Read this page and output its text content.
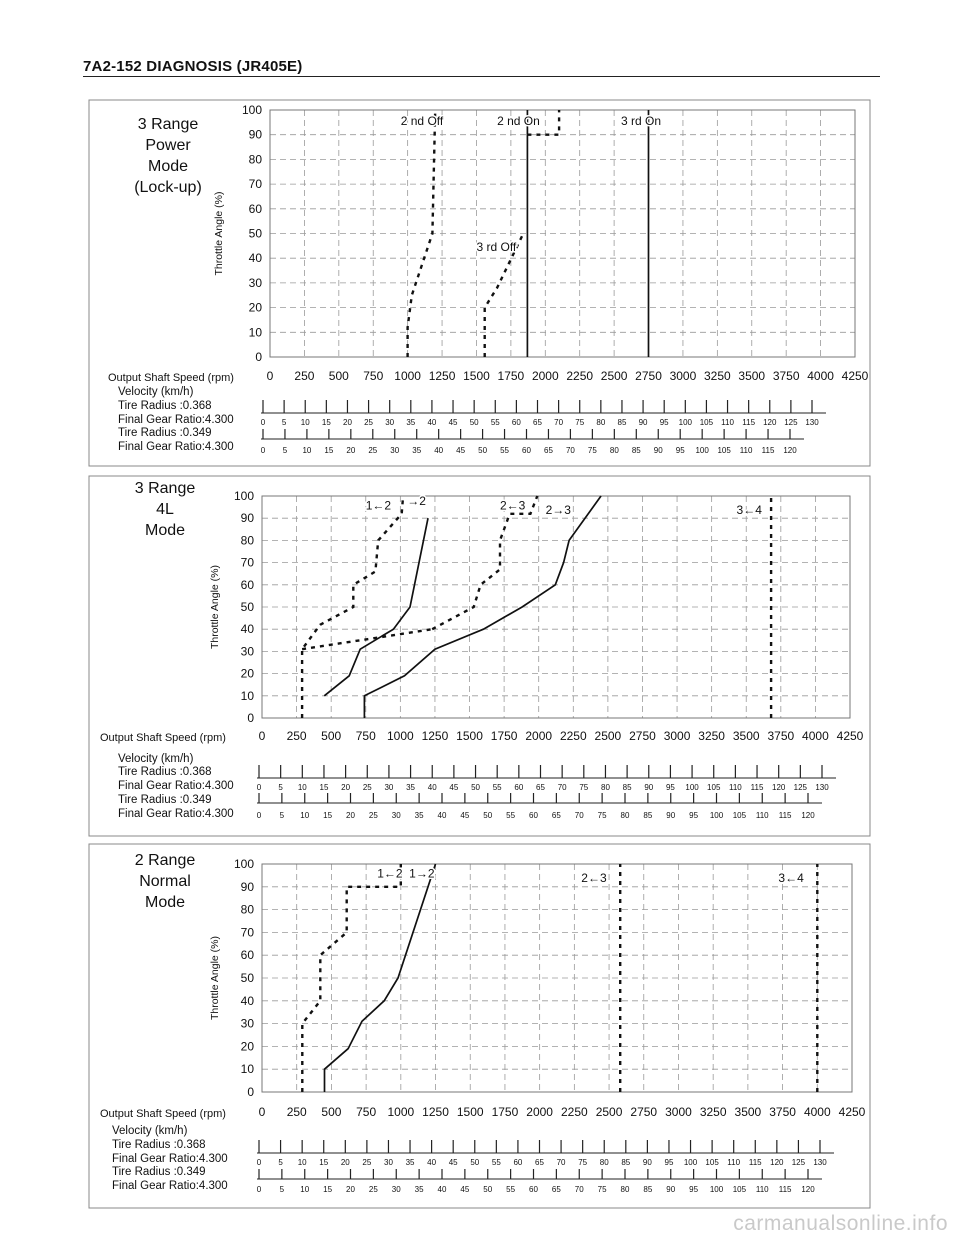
7A2-152 DIAGNOSIS (JR405E)
0
10
20
30
40
50
60
70
80
90
100
0 250 500 750 1000 1250 1500 1750 2000 2250 2500 2750 3000 3250 3500 3750 4000 4250
Throttle Angle (%)
Output Shaft Speed (rpm)
3 Range
Power
Mode
(Lock-up)
Velocity (km/h)
Tire Radius :0.368
Final Gear Ratio:4.300
Tire Radius :0.349
Final Gear Ratio:4.300
0 5 10 15 20 25 30 35 40 45 50 55 60 65 70 75 80 85 90 95 100 105 110 115 120 125 130
0 5 10 15 20 25 30 35 40 45 50 55 60 65 70 75 80 85 90 95 100 105 110 115 120
2 nd Off	2 nd On	3 rd On
3 rd Off
0
10
20
30
40
50
60
70
80
90
100
0 250 500 750 1000 1250 1500 1750 2000 2250 2500 2750 3000 3250 3500 3750 4000 4250
Throttle Angle (%)
Output Shaft Speed (rpm)
3 Range
4L
Mode
Velocity (km/h)
Tire Radius :0.368
Final Gear Ratio:4.300
Tire Radius :0.349
Final Gear Ratio:4.300
0 5 10 15 20 25 30 35 40 45 50 55 60 65 70 75 80 85 90 95 100 105 110 115 120 125 130
0 5 10 15 20 25 30 35 40 45 50 55 60 65 70 75 80 85 90 95 100 105 110 115 120
1←2 →2	2←3 2→3	3←4
0
10
20
30
40
50
60
70
80
90
100
0 250 500 750 1000 1250 1500 1750 2000 2250 2500 2750 3000 3250 3500 3750 4000 4250
Throttle Angle (%)
Output Shaft Speed (rpm)
2 Range
Normal
Mode
Velocity (km/h)
Tire Radius :0.368
Final Gear Ratio:4.300
Tire Radius :0.349
Final Gear Ratio:4.300
0 5 10 15 20 25 30 35 40 45 50 55 60 65 70 75 80 85 90 95 100 105 110 115 120 125 130
0 5 10 15 20 25 30 35 40 45 50 55 60 65 70 75 80 85 90 95 100 105 110 115 120
1←2 1→2	2←3	3←4
carmanualsonline.info
